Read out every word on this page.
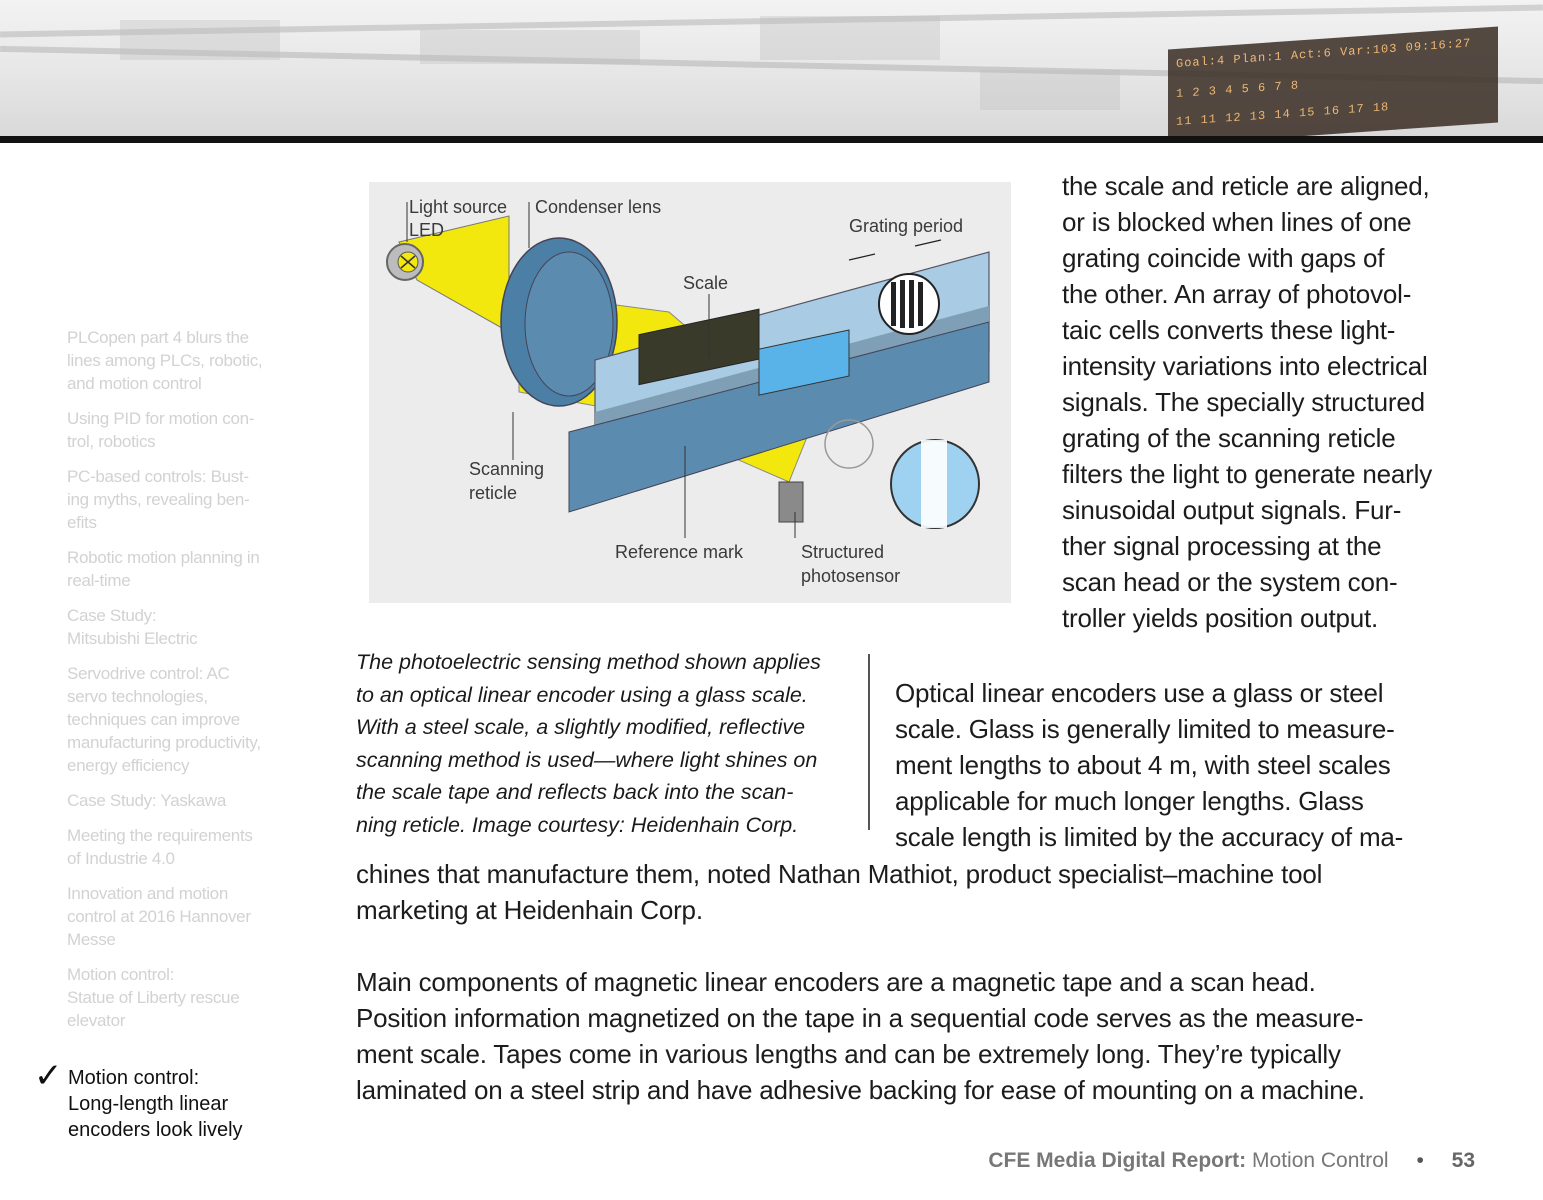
Goal:4 Plan:1 Act:6 Var:103 09:16:27
1 2 3 4 5 6 7 8
11 11 12 13 14 15 16 17 18
PLCopen part 4 blurs the
lines among PLCs, robotic,
and motion control
Using PID for motion con-
trol, robotics
PC-based controls: Bust-
ing myths, revealing ben-
efits
Robotic motion planning in
real-time
Case Study:
Mitsubishi Electric
Servodrive control: AC
servo technologies,
techniques can improve
manufacturing productivity,
energy efficiency
Case Study: Yaskawa
Meeting the requirements
of Industrie 4.0
Innovation and motion
control at 2016 Hannover
Messe
Motion control:
Statue of Liberty rescue
elevator
✓ Motion control:
Long-length linear
encoders look lively
Light source
LED
Condenser lens
Grating period
Scale
Scanning
reticle
Reference mark	Structured
photosensor
The photoelectric sensing method shown applies
to an optical linear encoder using a glass scale.
With a steel scale, a slightly modified, reflective
scanning method is used—where light shines on
the scale tape and reflects back into the scan-
ning reticle. Image courtesy: Heidenhain Corp.
the scale and reticle are aligned,
or is blocked when lines of one
grating coincide with gaps of
the other. An array of photovol-
taic cells converts these light-
intensity variations into electrical
signals. The specially structured
grating of the scanning reticle
filters the light to generate nearly
sinusoidal output signals. Fur-
ther signal processing at the
scan head or the system con-
troller yields position output.
Optical linear encoders use a glass or steel
scale. Glass is generally limited to measure-
ment lengths to about 4 m, with steel scales
applicable for much longer lengths. Glass
scale length is limited by the accuracy of ma-
chines that manufacture them, noted Nathan Mathiot, product specialist–machine tool
marketing at Heidenhain Corp.
Main components of magnetic linear encoders are a magnetic tape and a scan head.
Position information magnetized on the tape in a sequential code serves as the measure-
ment scale. Tapes come in various lengths and can be extremely long. They’re typically
laminated on a steel strip and have adhesive backing for ease of mounting on a machine.
CFE Media Digital Report: Motion Control • 53
